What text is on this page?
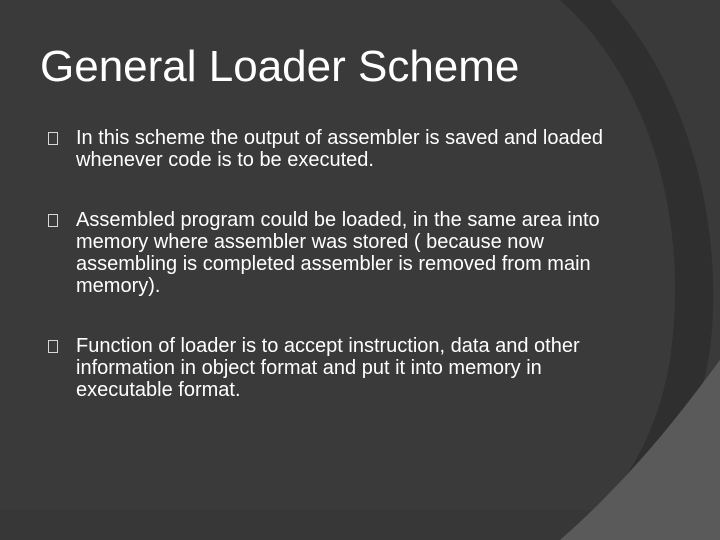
General Loader Scheme
In this scheme the output of assembler is saved and loaded whenever code is to be executed.
Assembled program could be loaded, in the same area into memory where assembler was stored ( because now assembling is completed assembler is removed from main memory).
Function of loader is to accept instruction, data and other information in object format and put it into memory in executable format.
